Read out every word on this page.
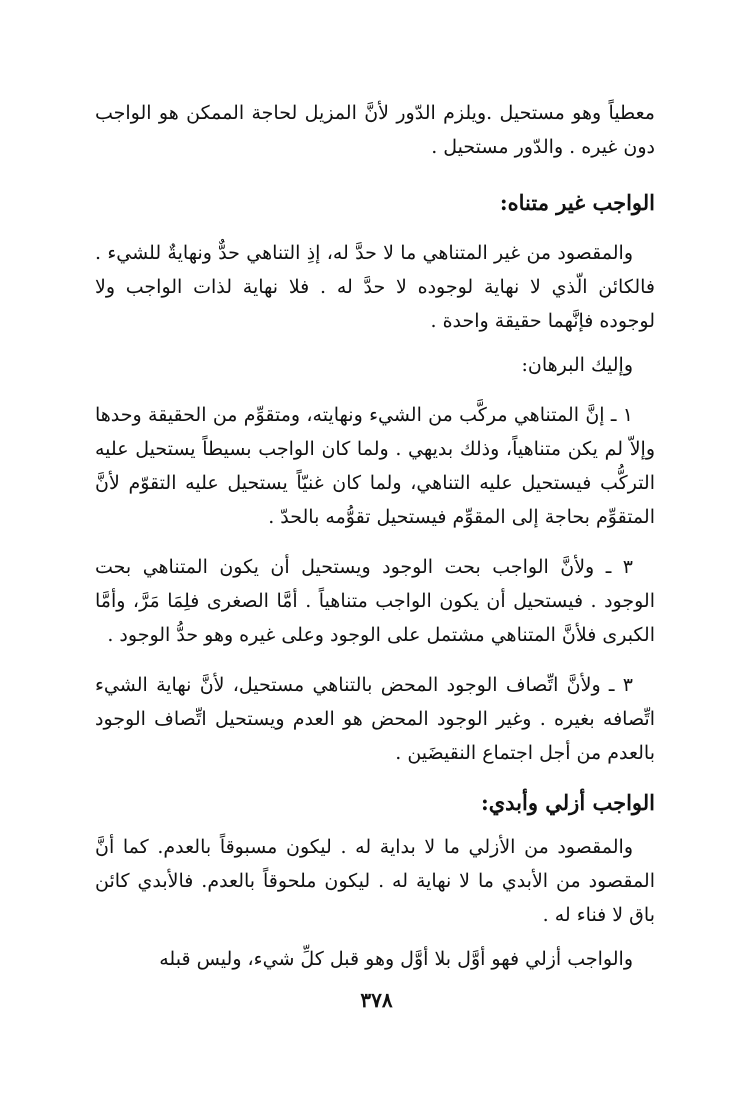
معطياً وهو مستحيل .ويلزم الدّور لأنَّ المزيل لحاجة الممكن هو الواجب دون غيره . والدّور مستحيل .

الواجب غير متناه:

والمقصود من غير المتناهي ما لا حدَّ له، إذِ التناهي حدٌّ ونهايةٌ للشيء . فالكائن الّذي لا نهاية لوجوده لا حدَّ له . فلا نهاية لذات الواجب ولا لوجوده فإنَّهما حقيقة واحدة .

وإليك البرهان:

١ ـ إنَّ المتناهي مركَّب من الشيء ونهايته، ومتقوِّم من الحقيقة وحدها وإلاّ لم يكن متناهياً، وذلك بديهي . ولما كان الواجب بسيطاً يستحيل عليه التركُّب فيستحيل عليه التناهي، ولما كان غنيّاً يستحيل عليه التقوّم لأنَّ المتقوِّم بحاجة إلى المقوِّم فيستحيل تقوُّمه بالحدّ .

٣ ـ ولأنَّ الواجب بحت الوجود ويستحيل أن يكون المتناهي بحت الوجود . فيستحيل أن يكون الواجب متناهياً . أمَّا الصغرى فلِمَا مَرَّ، وأمَّا الكبرى فلأنَّ المتناهي مشتمل على الوجود وعلى غيره وهو حدُّ الوجود .

٣ ـ ولأنَّ اتِّصاف الوجود المحض بالتناهي مستحيل، لأنَّ نهاية الشيء اتِّصافه بغيره . وغير الوجود المحض هو العدم ويستحيل اتِّصاف الوجود بالعدم من أجل اجتماع النقيضَين .

الواجب أزلي وأبدي:

والمقصود من الأزلي ما لا بداية له . ليكون مسبوقاً بالعدم. كما أنَّ المقصود من الأبدي ما لا نهاية له . ليكون ملحوقاً بالعدم. فالأبدي كائن باق لا فناء له .

والواجب أزلي فهو أوَّل بلا أوَّل وهو قبل كلِّ شيء، وليس قبله

٣٧٨
